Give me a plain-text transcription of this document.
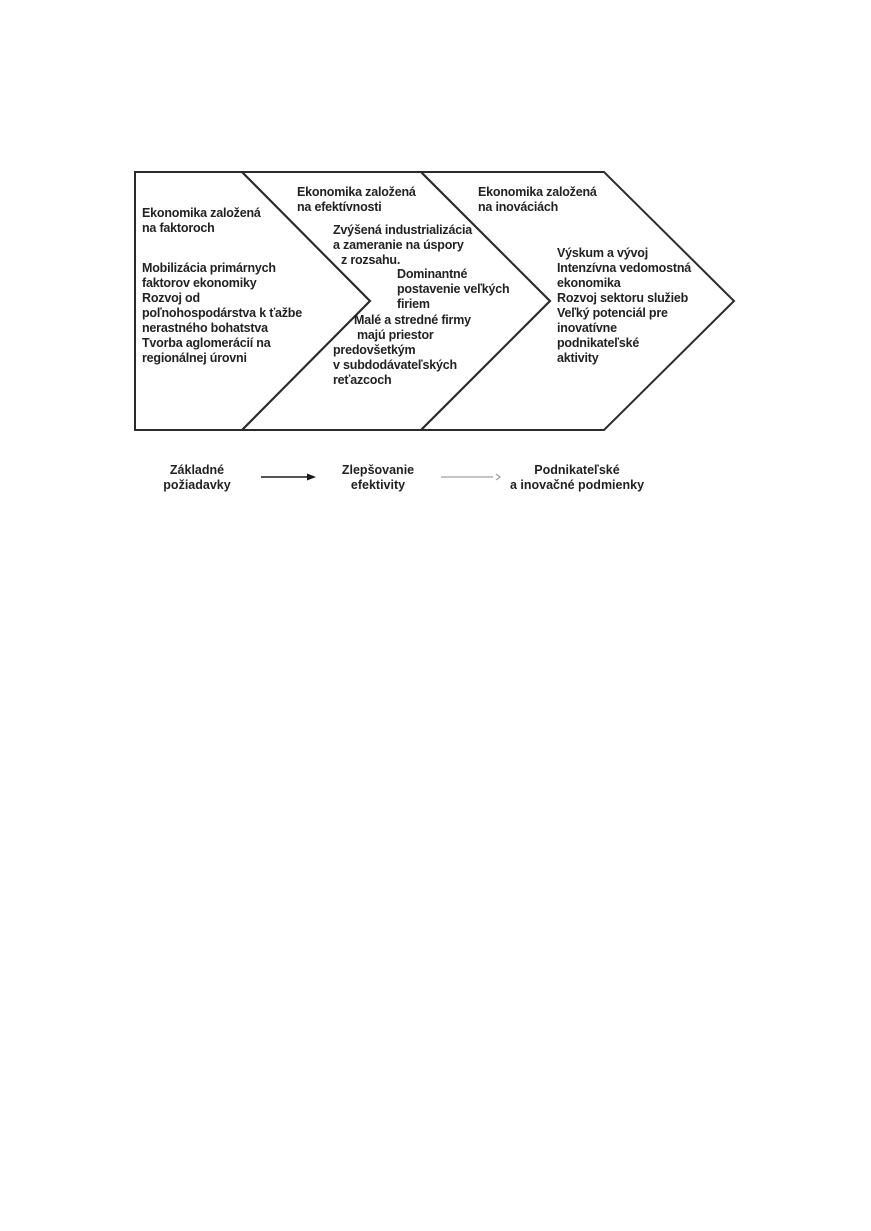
Ekonomika založená
na faktoroch
Mobilizácia primárnych
faktorov ekonomiky
Rozvoj od
poľnohospodárstva k ťažbe
nerastného bohatstva
Tvorba aglomerácií na
regionálnej úrovni
Ekonomika založená
na efektívnosti
Zvýšená industrializácia
a zameranie na úspory
z rozsahu.
Dominantné
postavenie veľkých
firiem
Malé a stredné firmy
majú priestor
predovšetkým
v subdodávateľských
reťazcoch
Ekonomika založená
na inováciách
Výskum a vývoj
Intenzívna vedomostná
ekonomika
Rozvoj sektoru služieb
Veľký potenciál pre
inovatívne
podnikateľské
aktivity
Základné
požiadavky
Zlepšovanie
efektivity
Podnikateľské
a inovačné podmienky
